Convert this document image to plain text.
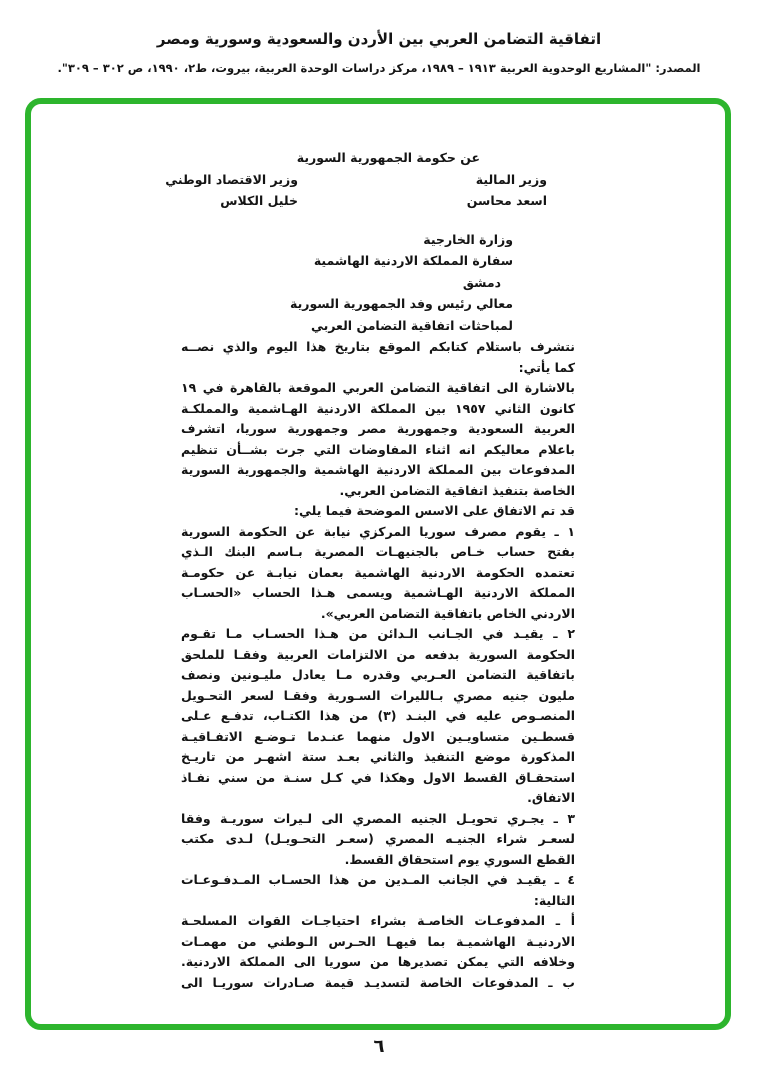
اتفاقية التضامن العربي بين الأردن والسعودية وسورية ومصر
المصدر: "المشاريع الوحدوية العربية ١٩١٣ – ١٩٨٩، مركز دراسات الوحدة العربية، بيروت، ط٢، ١٩٩٠، ص ٣٠٢ – ٣٠٩".
عن حكومة الجمهورية السورية
وزير المالية
وزير الاقتصاد الوطني
اسعد محاسن
خليل الكلاس
وزارة الخارجية
سفارة المملكة الاردنية الهاشمية
دمشق
معالي رئيس وفد الجمهورية السورية
لمباحثات اتفاقية التضامن العربي
نتشرف باستلام كتابكم الموقع بتاريخ هذا اليوم والذي نصــه
كما يأتي:
بالاشارة الى اتفاقية التضامن العربي الموقعة بالقاهرة في ١٩
كانون الثاني ١٩٥٧ بين المملكة الاردنية الهـاشمية والمملكـة
العربية السعودية وجمهورية مصر وجمهورية سوريا، اتشرف
باعلام معاليكم انه اثناء المفاوضات التي جرت بشــأن تنظيم
المدفوعات بين المملكة الاردنية الهاشمية والجمهورية السورية
الخاصة بتنفيذ اتفاقية التضامن العربي.
قد تم الاتفاق على الاسس الموضحة فيما يلي:
١ ـ يقوم مصرف سوريا المركزي نيابة عن الحكومة السورية
بفتح حساب خـاص بالجنيهـات المصرية بـاسم البنك الـذي
تعتمده الحكومة الاردنية الهاشمية بعمان نيابـة عن حكومـة
المملكة الاردنية الهـاشمية ويسمى هـذا الحساب «الحسـاب
الاردني الخاص باتفاقية التضامن العربي».
٢ ـ يقيـد في الجـانب الـدائن من هـذا الحسـاب مـا تقـوم
الحكومة السورية بدفعه من الالتزامات العربية وفقـا للملحق
باتفاقية التضامن العـربي وقدره مـا يعادل مليـونين ونصف
مليون جنيه مصري بـالليرات السـورية وفقـا لسعر التحـويل
المنصـوص عليه في البنـد (٣) من هذا الكتـاب، تدفـع عـلى
قسطـين متساويـين الاول منهما عنـدما تـوضـع الاتفـاقيـة
المذكورة موضع التنفيذ والثاني بعـد ستة اشهـر من تاريـخ
استحقـاق القسط الاول وهكذا في كـل سنـة من سني نفـاذ
الاتفاق.
٣ ـ يجـري تحويـل الجنيه المصري الى لـيرات سوريـة وفقا
لسعـر شراء الجنيـه المصري (سعـر التحـويـل) لـدى مكتب
القطع السوري يوم استحقاق القسط.
٤ ـ يقيـد في الجانب المـدين من هذا الحسـاب المـدفـوعـات
التالية:
أ ـ المدفوعـات الخاصـة بشراء احتياجـات القوات المسلحـة
الاردنيـة الهاشميـة بما فيهـا الحـرس الـوطني من مهمـات
وخلافه التي يمكن تصديرها من سوريا الى المملكة الاردنية.
ب ـ المدفوعات الخاصة لتسديـد قيمة صـادرات سوريـا الى
٦
